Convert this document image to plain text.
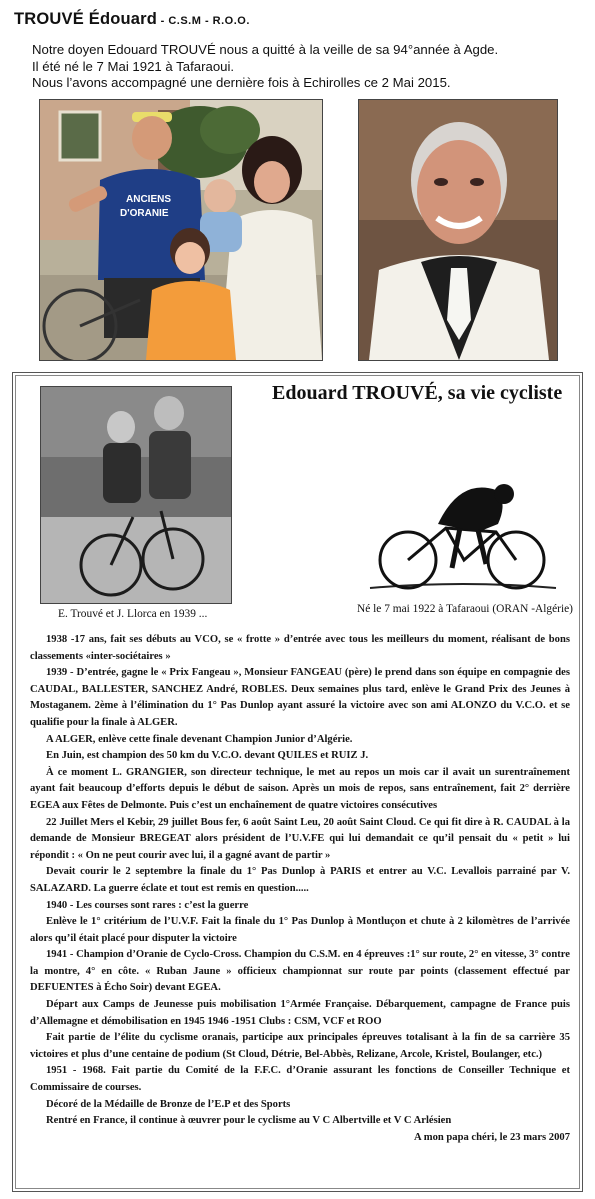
TROUVÉ Édouard - C.S.M - R.O.O.
Notre doyen Edouard TROUVÉ nous a quitté à la veille de sa 94°année à Agde.
Il été né le 7 Mai 1921 à Tafaraoui.
Nous l’avons accompagné une dernière fois à Echirolles ce 2 Mai 2015.
ANCIENS
D'ORANIE
Edouard TROUVÉ, sa vie cycliste
E. Trouvé et J. Llorca en 1939 ...	Né le 7 mai 1922 à Tafaraoui (ORAN -Algérie)

1938 -17 ans, fait ses débuts au VCO, se « frotte » d’entrée avec tous les meilleurs du moment, réalisant de bons classements «inter-sociétaires »

1939 - D’entrée, gagne le « Prix Fangeau », Monsieur FANGEAU (père) le prend dans son équipe en compagnie des CAUDAL, BALLESTER, SANCHEZ André, ROBLES. Deux semaines plus tard, enlève le Grand Prix des Jeunes à Mostaganem. 2ème à l’élimination du 1° Pas Dunlop ayant assuré la victoire avec son ami ALONZO du V.C.O. et se qualifie pour la finale à ALGER.

A ALGER, enlève cette finale devenant Champion Junior d’Algérie.

En Juin, est champion des 50 km du V.C.O. devant QUILES et RUIZ J.

À ce moment L. GRANGIER, son directeur technique, le met au repos un mois car il avait un surentraînement ayant fait beaucoup d’efforts depuis le début de saison. Après un mois de repos, sans entraînement, fait 2° derrière EGEA aux Fêtes de Delmonte. Puis c’est un enchaînement de quatre victoires consécutives

22 Juillet Mers el Kebir, 29 juillet Bous fer, 6 août Saint Leu, 20 août Saint Cloud. Ce qui fit dire à R. CAUDAL à la demande de Monsieur BREGEAT alors président de l’U.V.FE qui lui demandait ce qu’il pensait du « petit » lui répondit : « On ne peut courir avec lui, il a gagné avant de partir »

Devait courir le 2 septembre la finale du 1° Pas Dunlop à PARIS et entrer au V.C. Levallois parrainé par V. SALAZARD. La guerre éclate et tout est remis en question.....

1940 - Les courses sont rares : c’est la guerre

Enlève le 1° critérium de l’U.V.F. Fait la finale du 1° Pas Dunlop à Montluçon et chute à 2 kilomètres de l’arrivée alors qu’il était placé pour disputer la victoire

1941 - Champion d’Oranie de Cyclo-Cross. Champion du C.S.M. en 4 épreuves :1° sur route, 2° en vitesse, 3° contre la montre, 4° en côte. « Ruban Jaune » officieux championnat sur route par points (classement effectué par DEFUENTES à Écho Soir) devant EGEA.

Départ aux Camps de Jeunesse puis mobilisation 1°Armée Française. Débarquement, campagne de France puis d’Allemagne et démobilisation en 1945 1946 -1951 Clubs : CSM, VCF et ROO

Fait partie de l’élite du cyclisme oranais, participe aux principales épreuves totalisant à la fin de sa carrière 35 victoires et plus d’une centaine de podium (St Cloud, Détrie, Bel-Abbès, Relizane, Arcole, Kristel, Boulanger, etc.)

1951 - 1968. Fait partie du Comité de la F.F.C. d’Oranie assurant les fonctions de Conseiller Technique et Commissaire de courses.

Décoré de la Médaille de Bronze de l’E.P et des Sports

Rentré en France, il continue à œuvrer pour le cyclisme au V C Albertville et V C Arlésien

A mon papa chéri, le 23 mars 2007
